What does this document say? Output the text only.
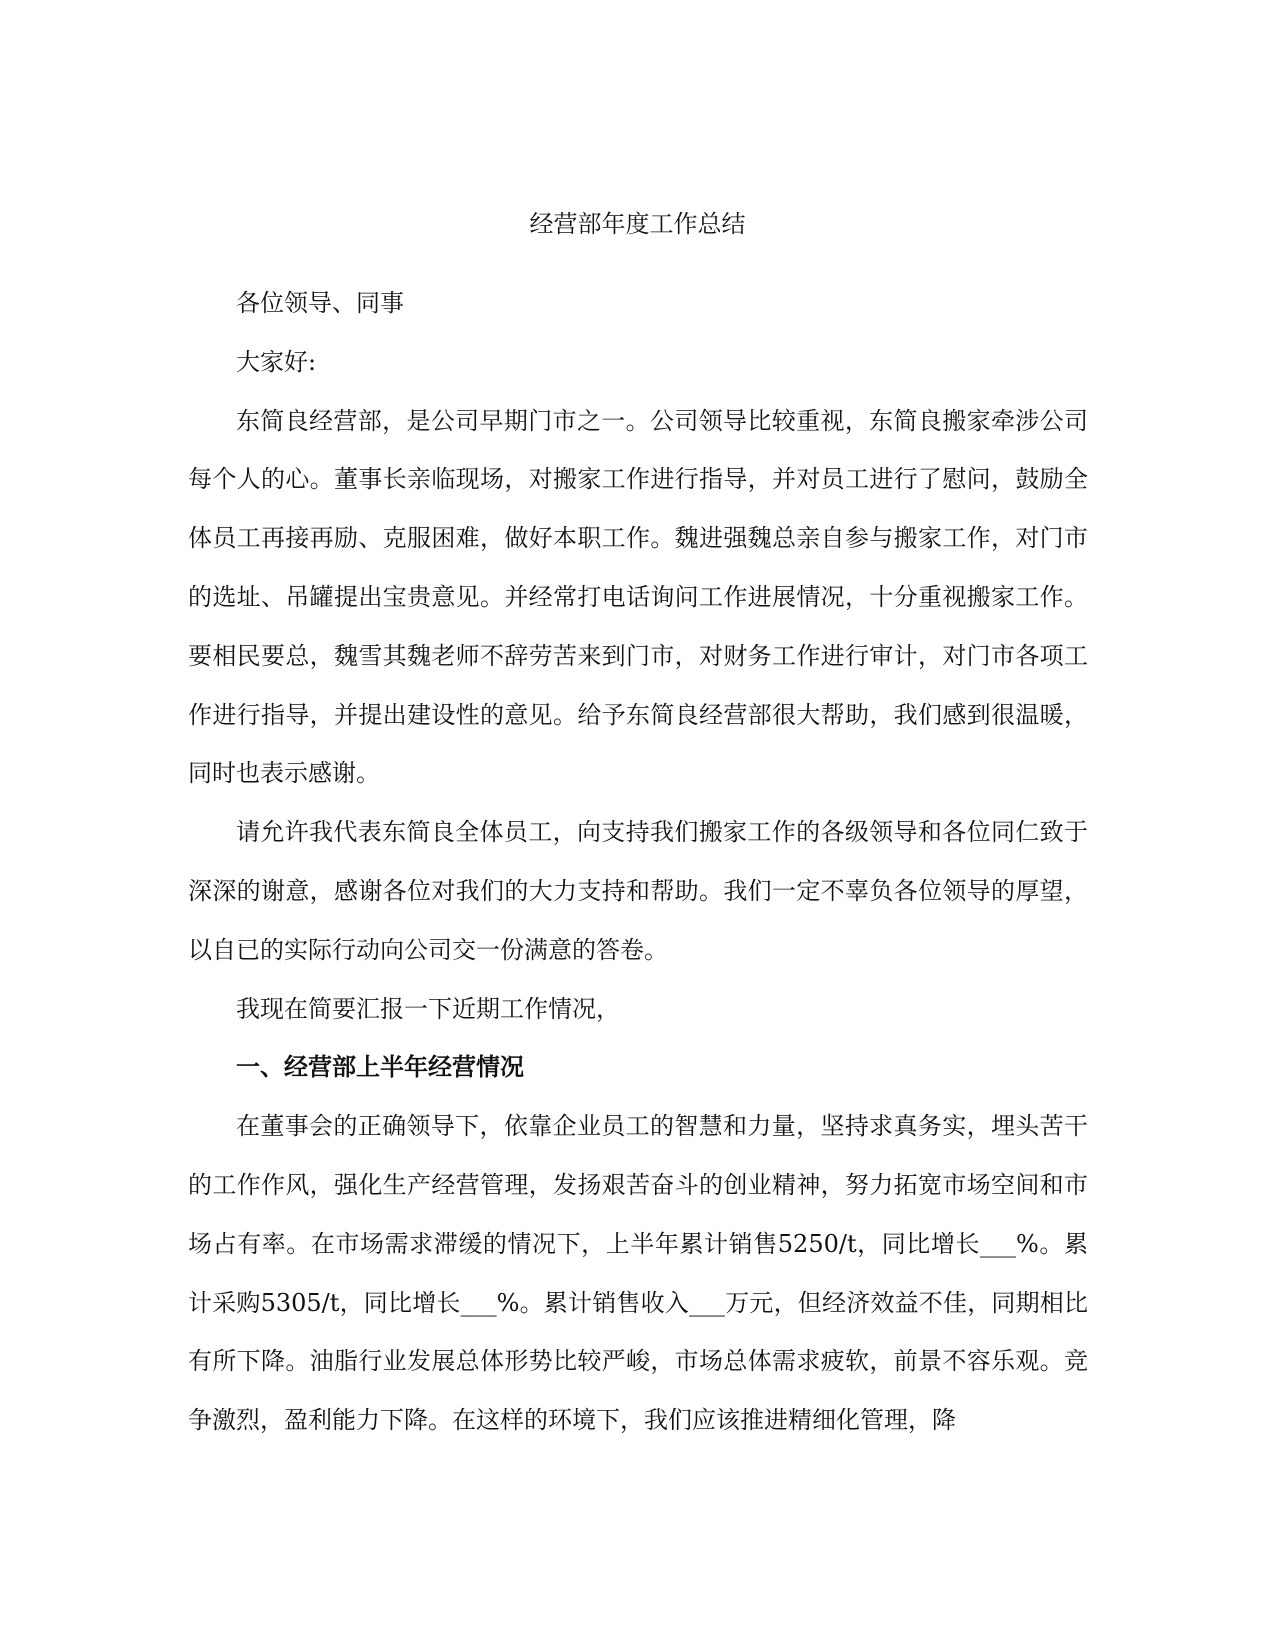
经营部年度工作总结

各位领导、同事

大家好:

东简良经营部，是公司早期门市之一。公司领导比较重视，东简良搬家牵涉公司每个人的心。董事长亲临现场，对搬家工作进行指导，并对员工进行了慰问，鼓励全体员工再接再励、克服困难，做好本职工作。魏进强魏总亲自参与搬家工作，对门市的选址、吊罐提出宝贵意见。并经常打电话询问工作进展情况，十分重视搬家工作。要相民要总，魏雪其魏老师不辞劳苦来到门市，对财务工作进行审计，对门市各项工作进行指导，并提出建设性的意见。给予东简良经营部很大帮助，我们感到很温暖，同时也表示感谢。

请允许我代表东简良全体员工，向支持我们搬家工作的各级领导和各位同仁致于深深的谢意，感谢各位对我们的大力支持和帮助。我们一定不辜负各位领导的厚望，以自已的实际行动向公司交一份满意的答卷。

我现在简要汇报一下近期工作情况，

一、经营部上半年经营情况

在董事会的正确领导下，依靠企业员工的智慧和力量，坚持求真务实，埋头苦干的工作作风，强化生产经营管理，发扬艰苦奋斗的创业精神，努力拓宽市场空间和市场占有率。在市场需求滞缓的情况下，上半年累计销售5250/t，同比增长___%。累计采购5305/t，同比增长___%。累计销售收入___万元，但经济效益不佳，同期相比有所下降。油脂行业发展总体形势比较严峻，市场总体需求疲软，前景不容乐观。竞争激烈，盈利能力下降。在这样的环境下，我们应该推进精细化管理，降
